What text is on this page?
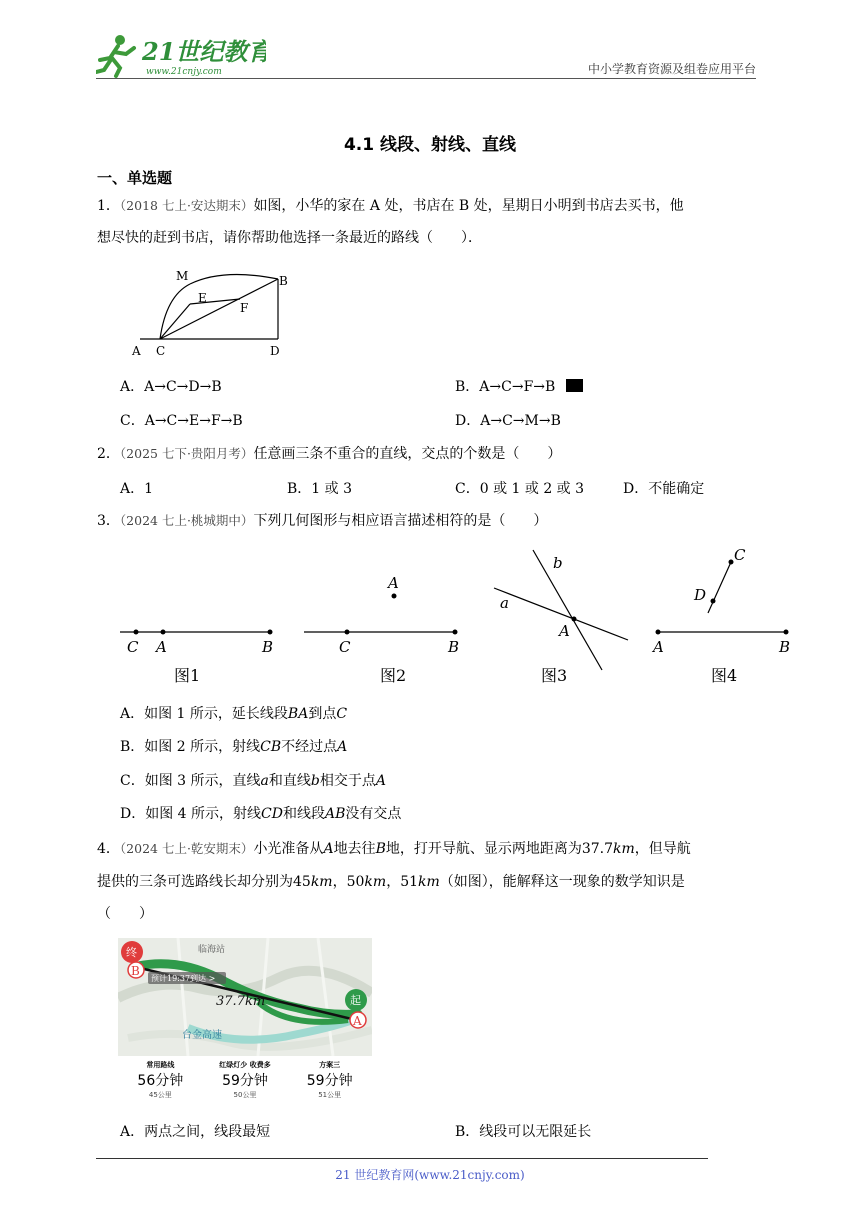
21世纪教育
www.21cnjy.com	中小学教育资源及组卷应用平台
4.1 线段、射线、直线
一、单选题
1．（2018 七上·安达期末）如图，小华的家在 A 处，书店在 B 处，星期日小明到书店去买书，他
想尽快的赶到书店，请你帮助他选择一条最近的路线（　　）．
M	B
E
F
A C	D
A．A→C→D→B	B．A→C→F→B
C．A→C→E→F→B	D．A→C→M→B
2．（2025 七下·贵阳月考）任意画三条不重合的直线，交点的个数是（　　）
A．1	B．1 或 3	C．0 或 1 或 2 或 3	D．不能确定
3．（2024 七上·桃城期中）下列几何图形与相应语言描述相符的是（　　）
C A	B
图1
A
C	B
图2
b
a
A
图3
C
D
A	B
图4
A．如图 1 所示，延长线段BA到点C
B．如图 2 所示，射线CB不经过点A
C．如图 3 所示，直线a和直线b相交于点A
D．如图 4 所示，射线CD和线段AB没有交点
4．（2024 七上·乾安期末）小光准备从A地去往B地，打开导航、显示两地距离为37.7km，但导航
提供的三条可选路线长却分别为45km，50km，51km（如图），能解释这一现象的数学知识是
（　　）
预计19:37到达 >
37.7km
临海站
台金高速
终
B
起
A
常用路线
56分钟
45公里
红绿灯少 收费多
59分钟
50公里
方案三
59分钟
51公里
A．两点之间，线段最短	B．线段可以无限延长
21 世纪教育网(www.21cnjy.com)
